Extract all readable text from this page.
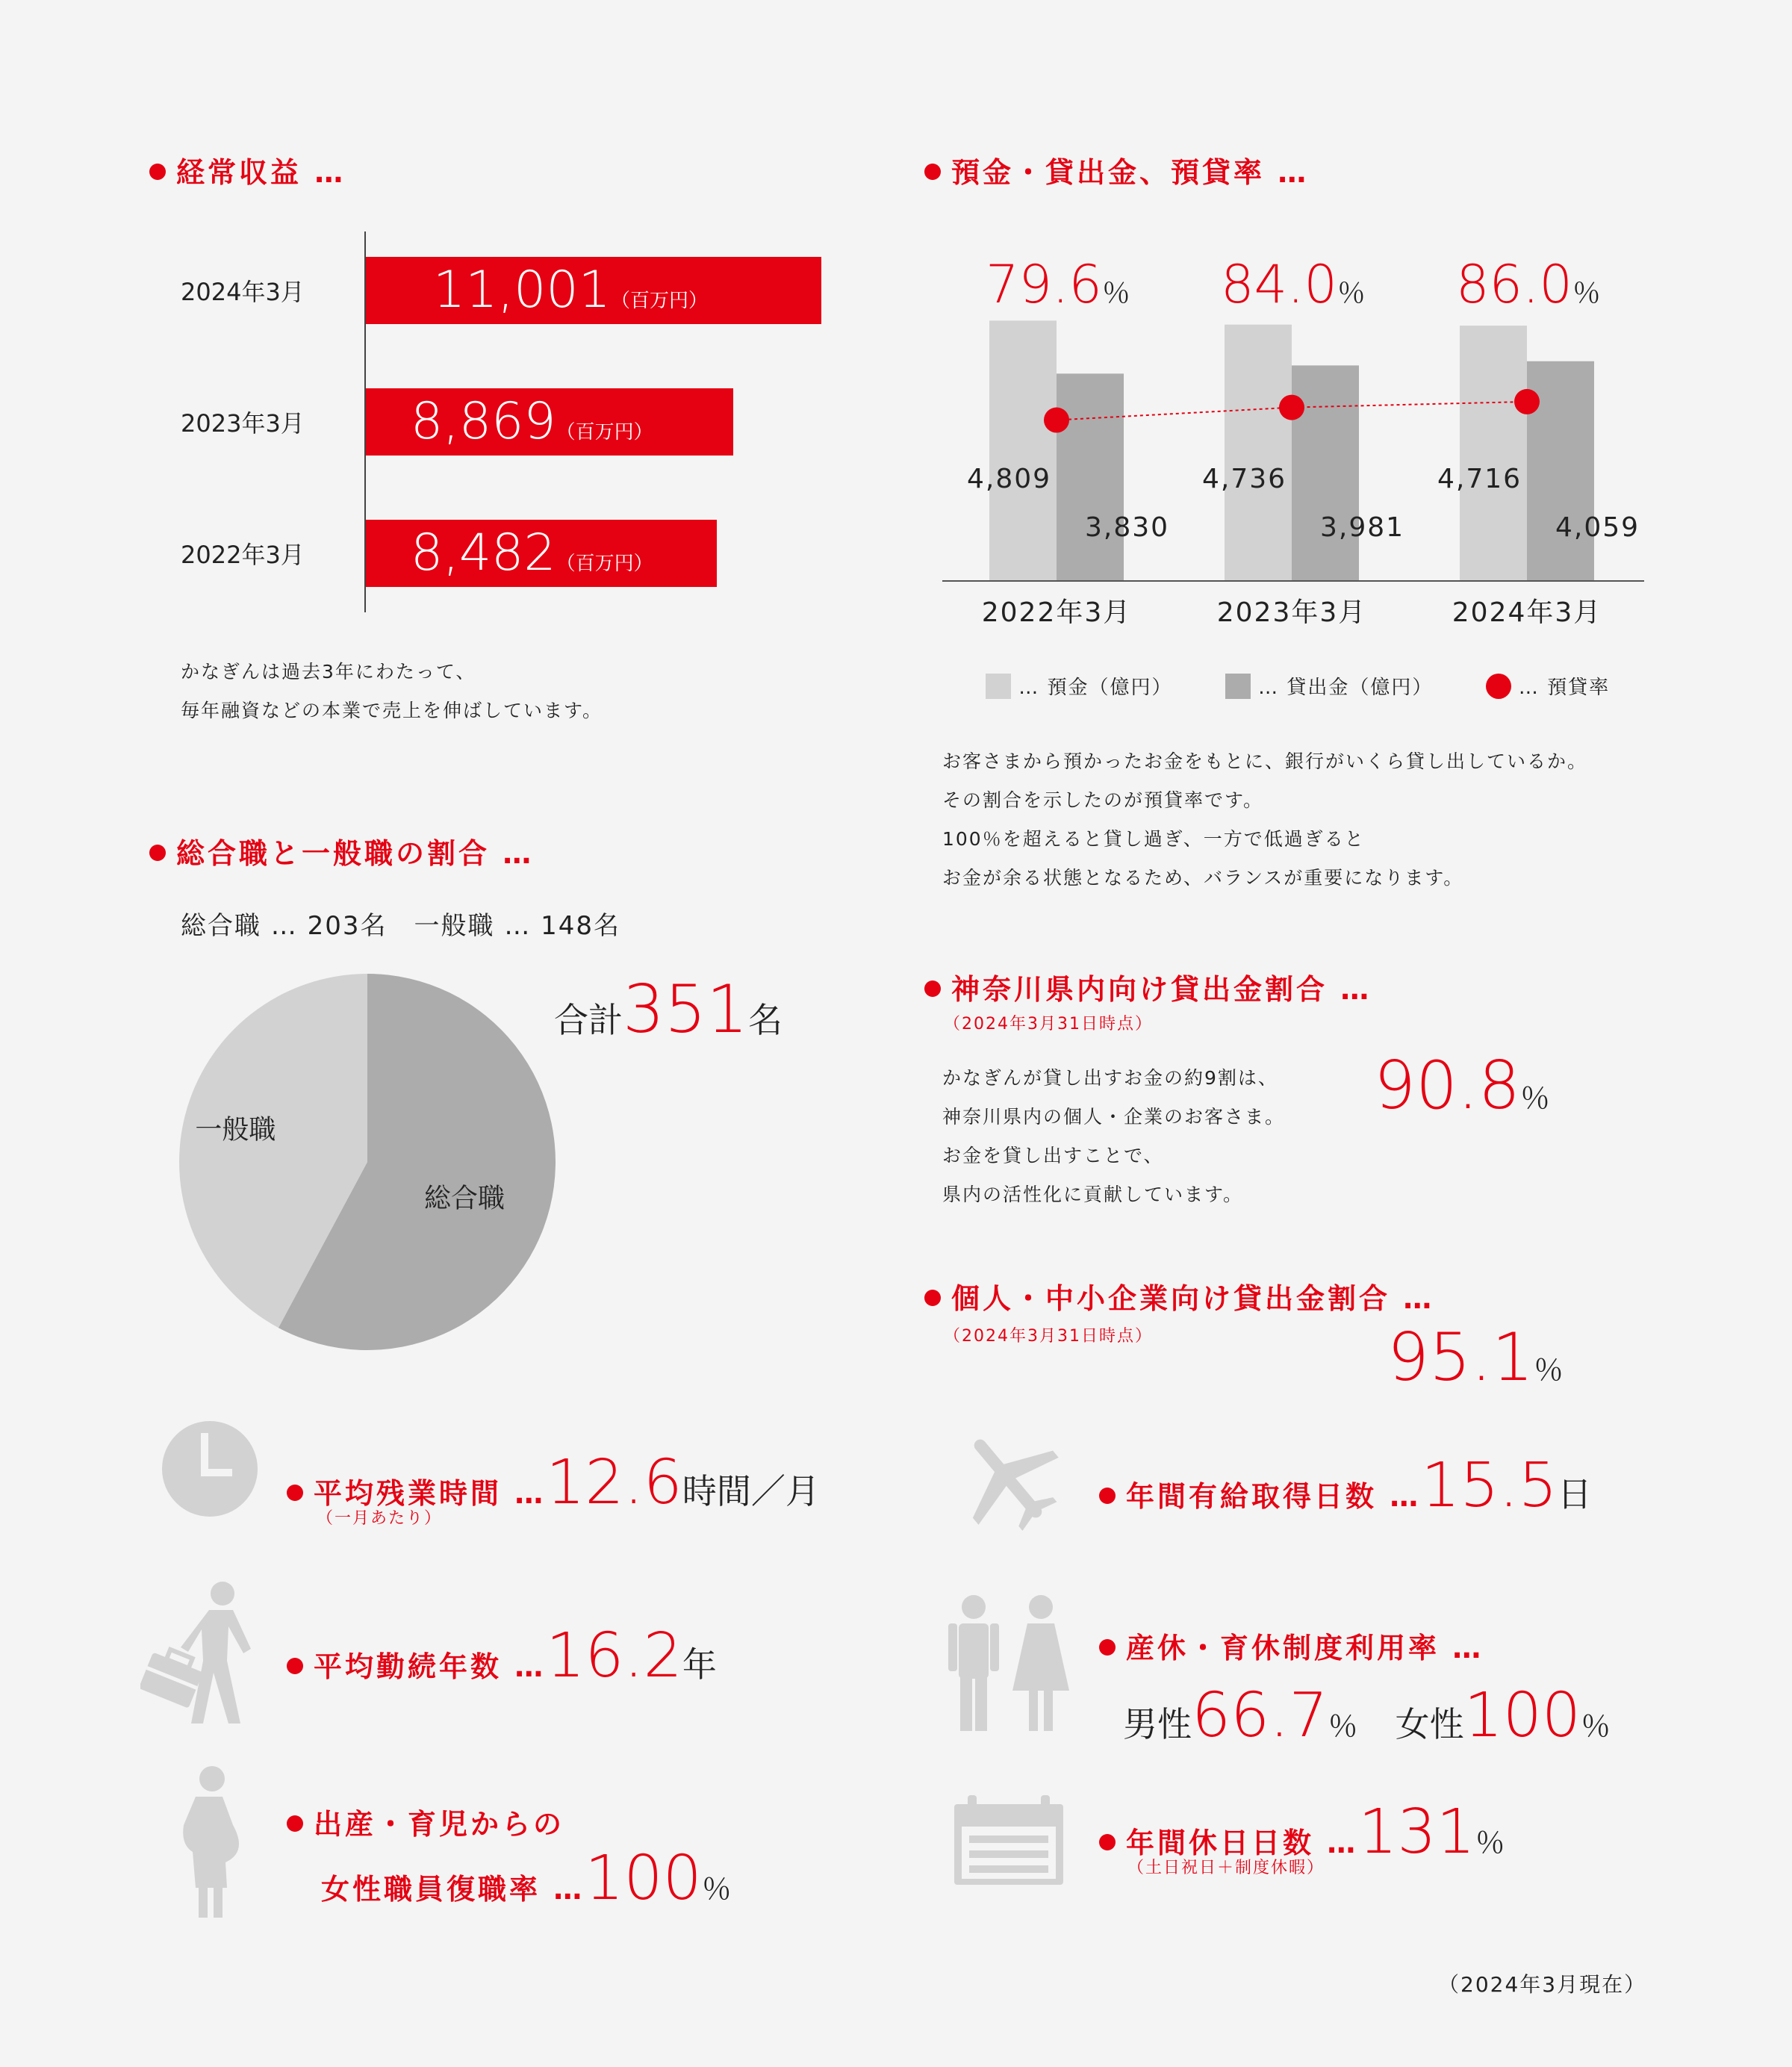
経常収益 …
2024年3月	11,001（百万円）
2023年3月 8,869（百万円）
2022年3月 8,482（百万円）
かなぎんは過去3年にわたって、
毎年融資などの本業で売上を伸ばしています。
預金・貸出金、預貸率 …
4,809
3,830
2022年3月
79.6％
4,736
3,981
2023年3月
84.0％
4,716
4,059
2024年3月
86.0％
… 預金（億円）	… 貸出金（億円）	… 預貸率
お客さまから預かったお金をもとに、銀行がいくら貸し出しているか。
その割合を示したのが預貸率です。
100％を超えると貸し過ぎ、一方で低過ぎると
お金が余る状態となるため、バランスが重要になります。
総合職と一般職の割合 …
総合職 … 203名　一般職 … 148名
総合職
一般職
合計351名
神奈川県内向け貸出金割合 …
（2024年3月31日時点）
かなぎんが貸し出すお金の約9割は、
神奈川県内の個人・企業のお客さま。
お金を貸し出すことで、
県内の活性化に貢献しています。
90.8％
個人・中小企業向け貸出金割合 …
（2024年3月31日時点）	95.1％
平均残業時間 …12.6時間／月
（一月あたり）
平均勤続年数 …16.2年
出産・育児からの
女性職員復職率 …100％
年間有給取得日数 …15.5日
産休・育休制度利用率 …
男性66.7％ 女性100％
年間休日日数 …131％
（土日祝日＋制度休暇）
（2024年3月現在）
